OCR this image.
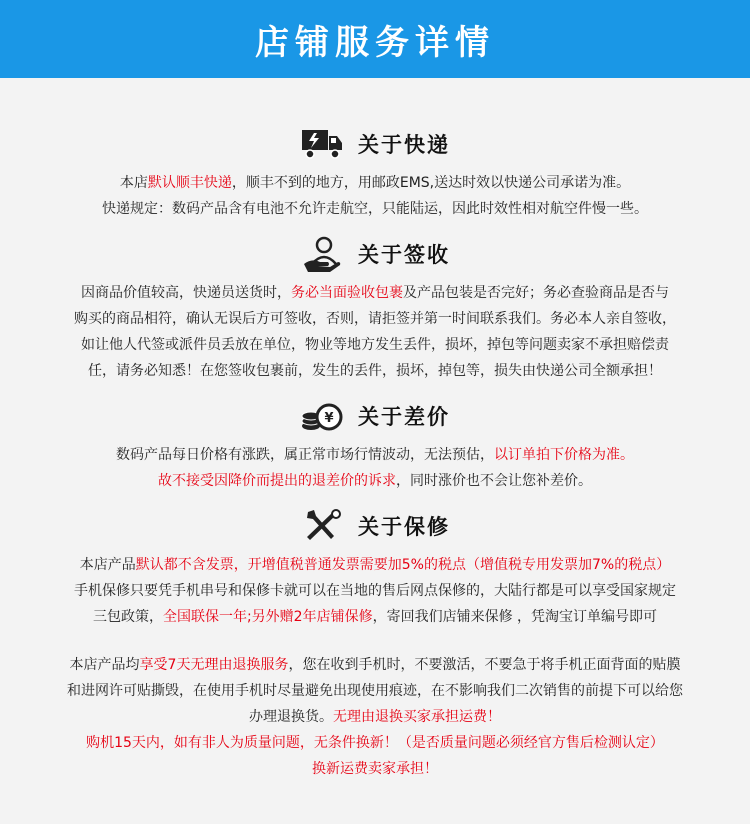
店铺服务详情
关于快递
本店默认顺丰快递，顺丰不到的地方，用邮政EMS,送达时效以快递公司承诺为准。
快递规定：数码产品含有电池不允许走航空，只能陆运，因此时效性相对航空件慢一些。
关于签收
因商品价值较高，快递员送货时，务必当面验收包裹及产品包装是否完好；务必查验商品是否与
购买的商品相符，确认无误后方可签收，否则，请拒签并第一时间联系我们。务必本人亲自签收，
如让他人代签或派件员丢放在单位，物业等地方发生丢件，损坏，掉包等问题卖家不承担赔偿责
任，请务必知悉！在您签收包裹前，发生的丢件，损坏，掉包等，损失由快递公司全额承担！
¥ 关于差价
数码产品每日价格有涨跌，属正常市场行情波动，无法预估，以订单拍下价格为准。
故不接受因降价而提出的退差价的诉求，同时涨价也不会让您补差价。
关于保修
本店产品默认都不含发票，开增值税普通发票需要加5%的税点（增值税专用发票加7%的税点）
手机保修只要凭手机串号和保修卡就可以在当地的售后网点保修的，大陆行都是可以享受国家规定
三包政策，全国联保一年;另外赠2年店铺保修，寄回我们店铺来保修 ，凭淘宝订单编号即可
本店产品均享受7天无理由退换服务，您在收到手机时，不要激活，不要急于将手机正面背面的贴膜
和进网许可贴撕毁，在使用手机时尽量避免出现使用痕迹，在不影响我们二次销售的前提下可以给您
办理退换货。无理由退换买家承担运费！
购机15天内，如有非人为质量问题，无条件换新！（是否质量问题必须经官方售后检测认定）
换新运费卖家承担！
